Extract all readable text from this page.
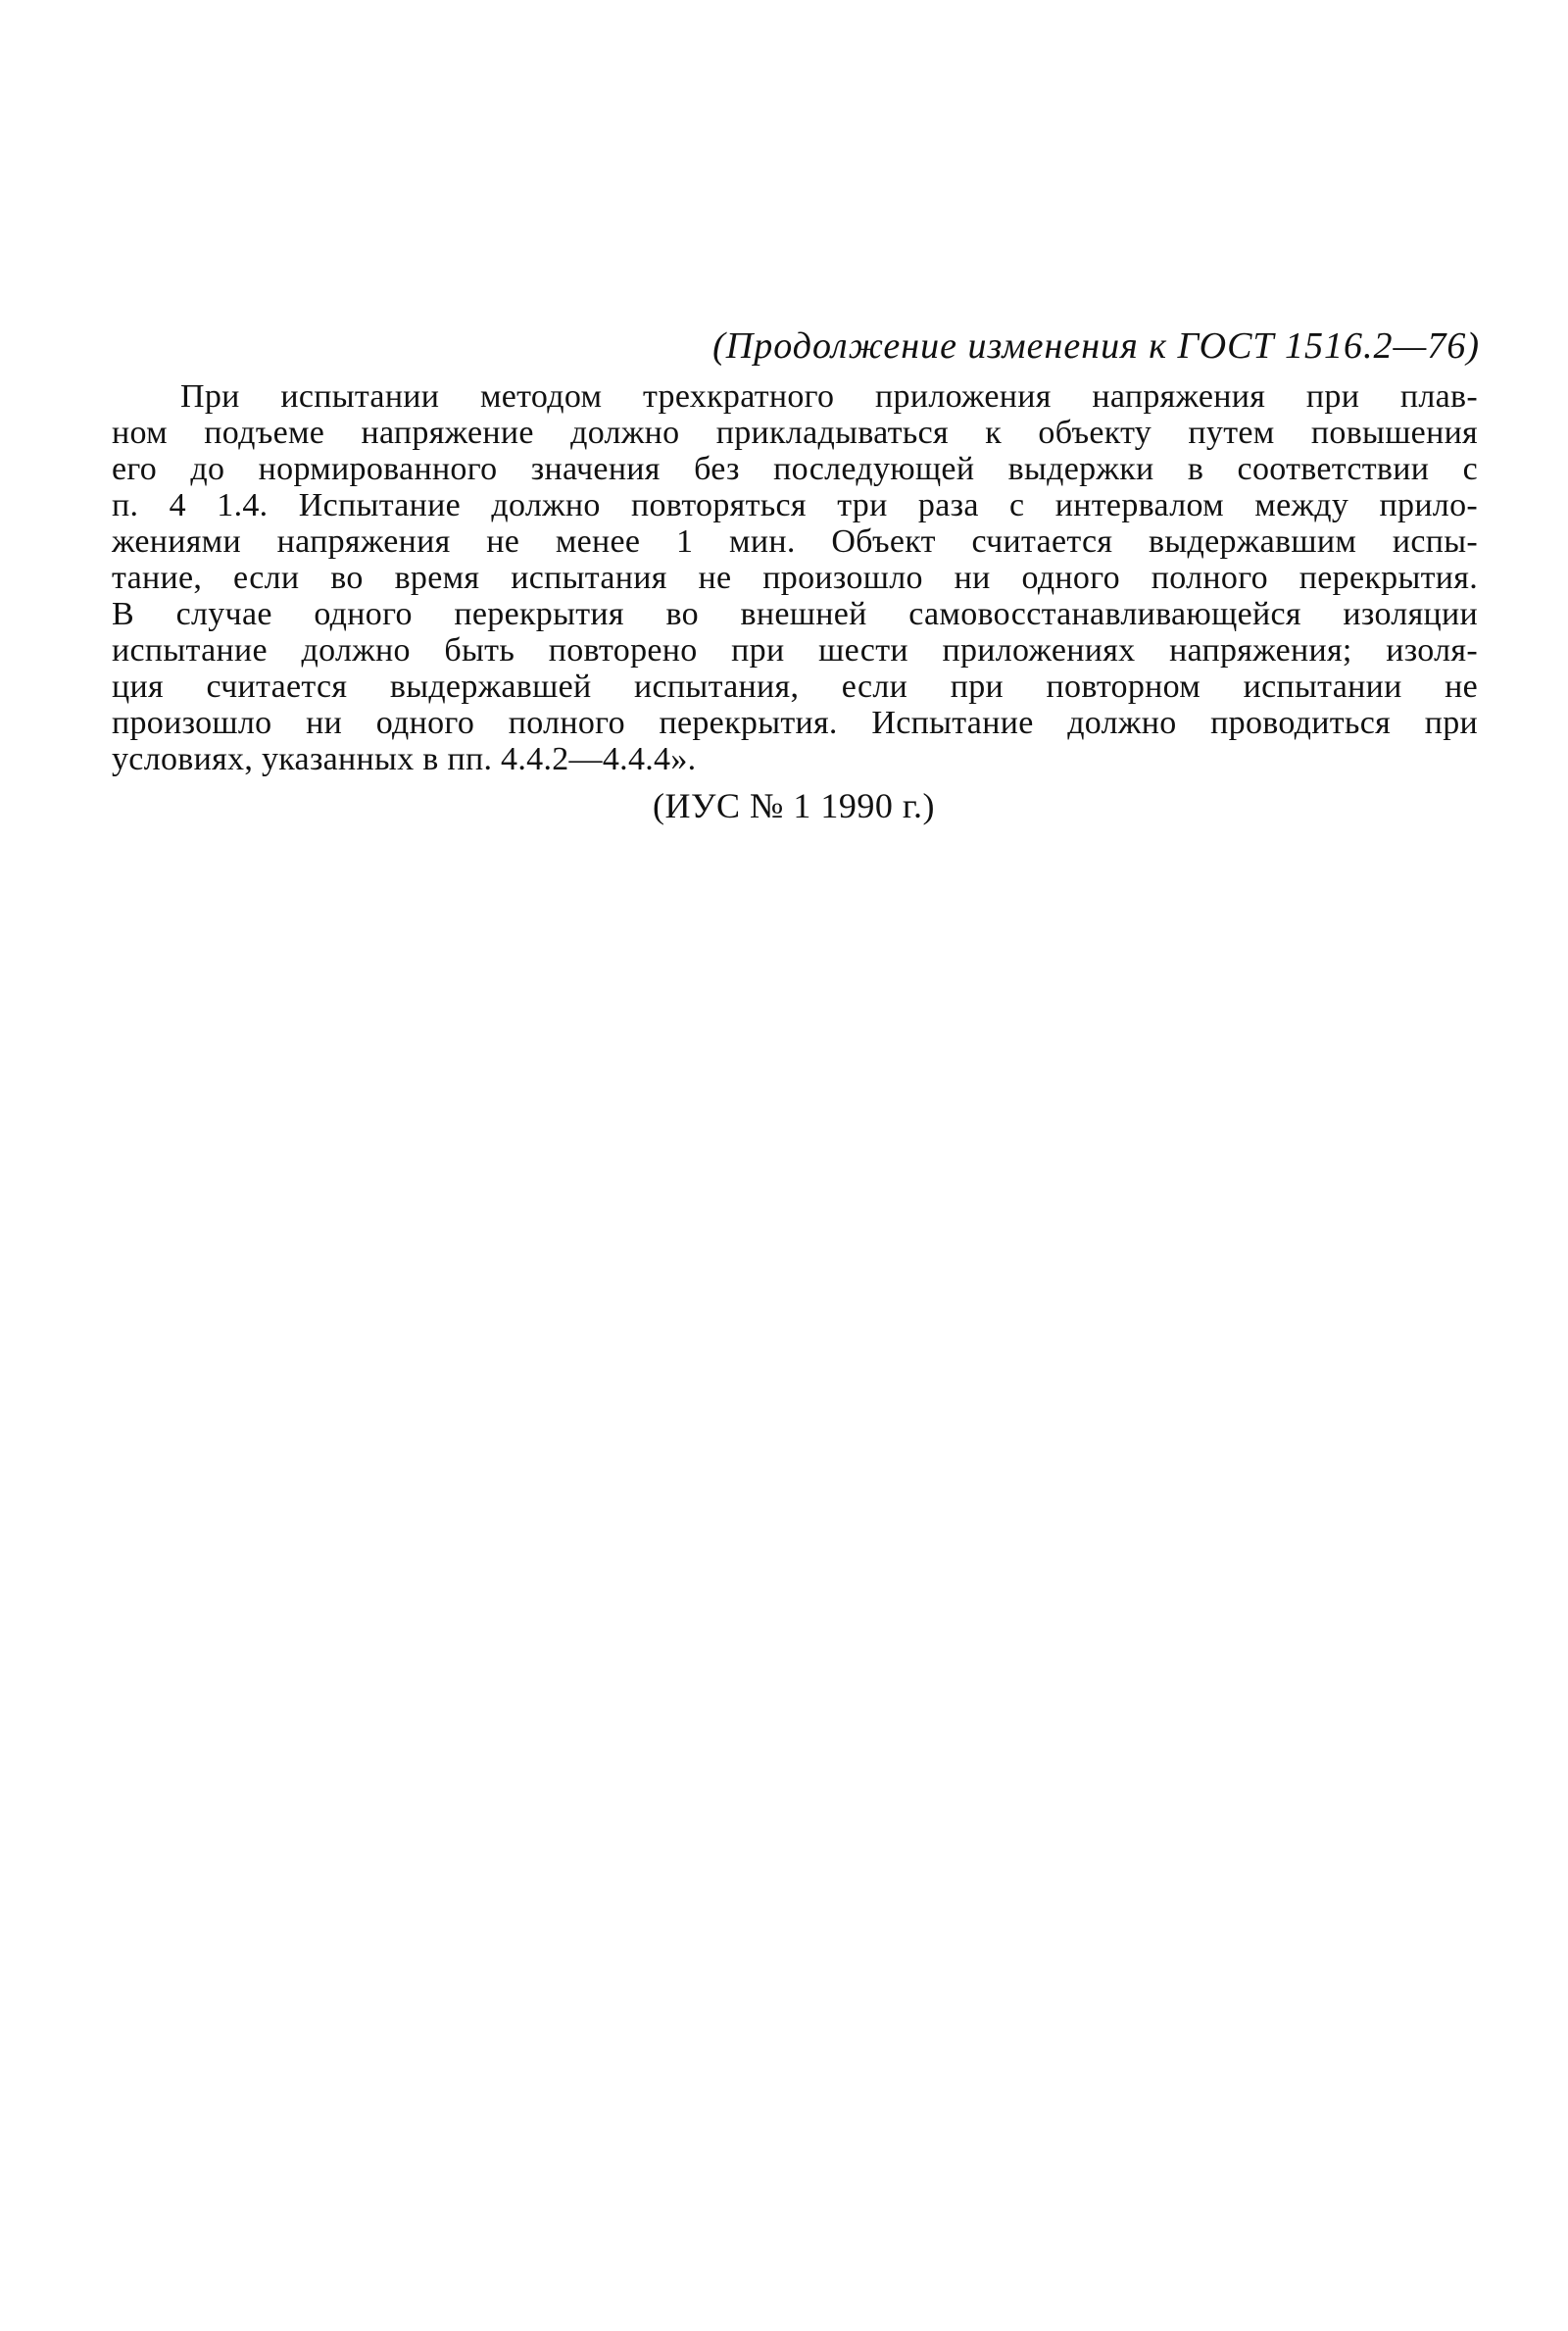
(Продолжение изменения к ГОСТ 1516.2—76)
При испытании методом трехкратного приложения напряжения при плав-
ном подъеме напряжение должно прикладываться к объекту путем повышения
его до нормированного значения без последующей выдержки в соответствии с
п. 4 1.4. Испытание должно повторяться три раза с интервалом между прило-
жениями напряжения не менее 1 мин. Объект считается выдержавшим испы-
тание, если во время испытания не произошло ни одного полного перекрытия.
В случае одного перекрытия во внешней самовосстанавливающейся изоляции
испытание должно быть повторено при шести приложениях напряжения; изоля-
ция считается выдержавшей испытания, если при повторном испытании не
произошло ни одного полного перекрытия. Испытание должно проводиться при
условиях, указанных в пп. 4.4.2—4.4.4».
(ИУС № 1 1990 г.)
